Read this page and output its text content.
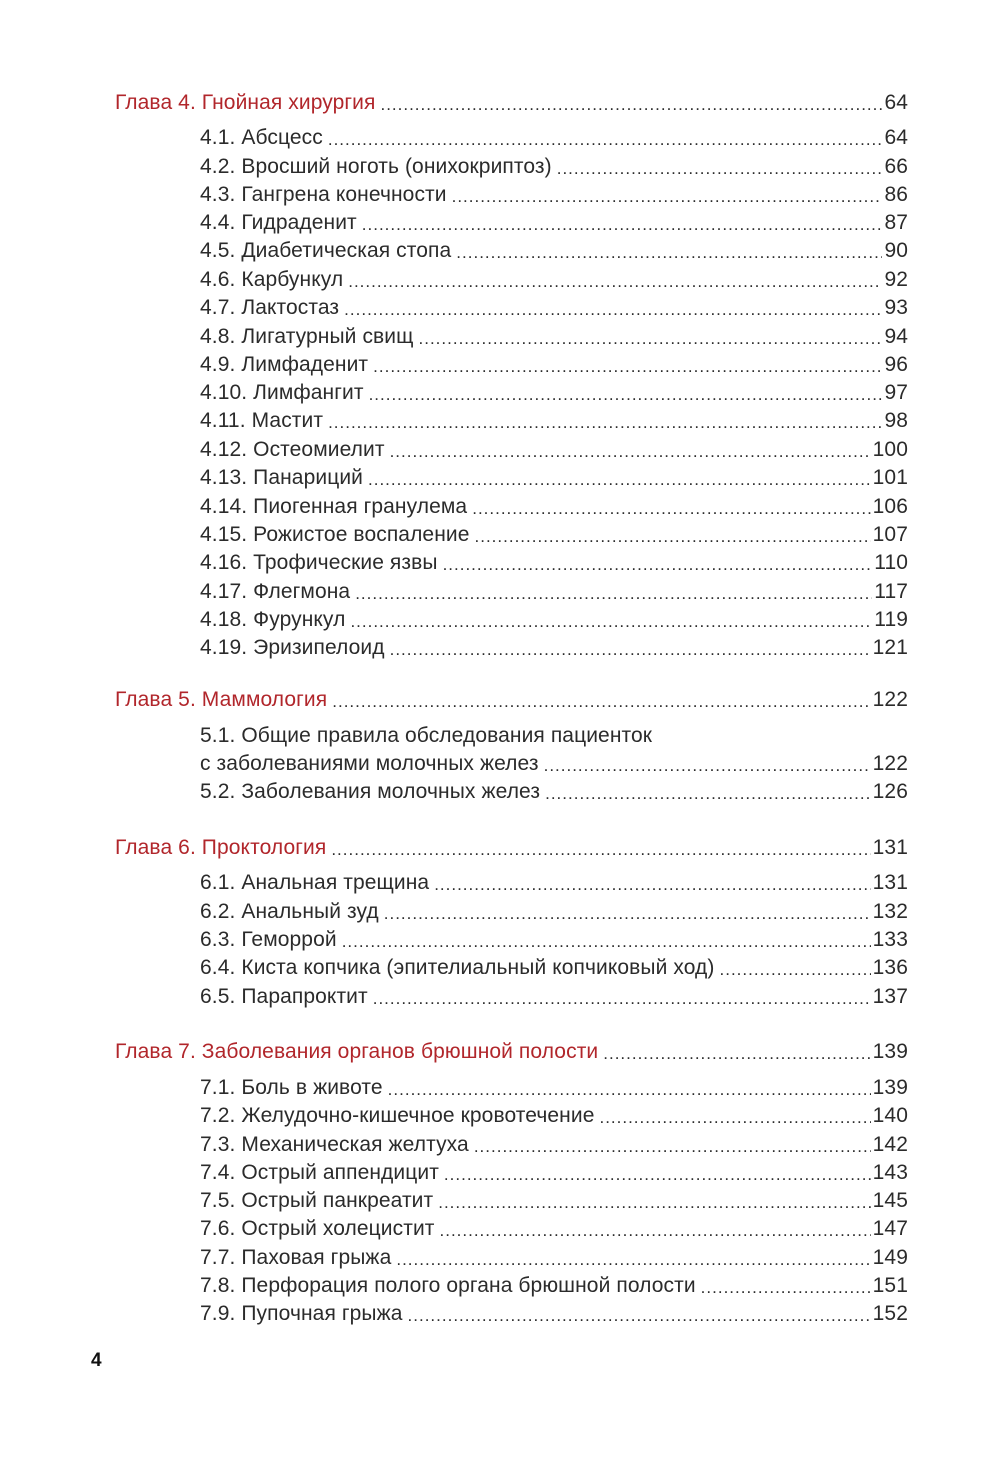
Глава 4. Гнойная хирургия .....	64
4.1. Абсцесс .....	64
4.2. Вросший ноготь (онихокриптоз) .....	66
4.3. Гангрена конечности .....	86
4.4. Гидраденит .....	87
4.5. Диабетическая стопа .....	90
4.6. Карбункул .....	92
4.7. Лактостаз .....	93
4.8. Лигатурный свищ .....	94
4.9. Лимфаденит .....	96
4.10. Лимфангит .....	97
4.11. Мастит .....	98
4.12. Остеомиелит .....	100
4.13. Панариций .....	101
4.14. Пиогенная гранулема .....	106
4.15. Рожистое воспаление .....	107
4.16. Трофические язвы .....	110
4.17. Флегмона .....	117
4.18. Фурункул .....	119
4.19. Эризипелоид .....	121
Глава 5. Маммология .....	122
5.1. Общие правила обследования пациенток
с заболеваниями молочных желез .....	122
5.2. Заболевания молочных желез .....	126
Глава 6. Проктология .....	131
6.1. Анальная трещина .....	131
6.2. Анальный зуд .....	132
6.3. Геморрой .....	133
6.4. Киста копчика (эпителиальный копчиковый ход) .....	136
6.5. Парапроктит .....	137
Глава 7. Заболевания органов брюшной полости .....	139
7.1. Боль в животе .....	139
7.2. Желудочно-кишечное кровотечение .....	140
7.3. Механическая желтуха .....	142
7.4. Острый аппендицит .....	143
7.5. Острый панкреатит .....	145
7.6. Острый холецистит .....	147
7.7. Паховая грыжа .....	149
7.8. Перфорация полого органа брюшной полости .....	151
7.9. Пупочная грыжа .....	152
4
